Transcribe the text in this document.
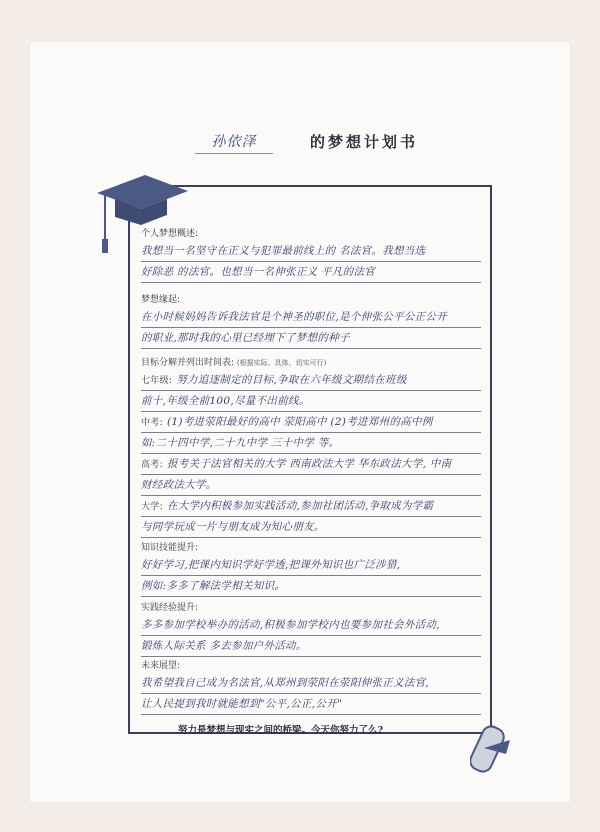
孙依泽	的梦想计划书
个人梦想概述:
我想当一名坚守在正义与犯罪最前线上的 名法官。我想当选
好除恶 的法官。也想当一名伸张正义 平凡的法官
梦想缘起:
在小时候妈妈告诉我法官是个神圣的职位,是个伸张公平公正公开
的职业,那时我的心里已经埋下了梦想的种子
目标分解并列出时间表: (根据实际、具体、切实可行)
七年级: 努力追逐制定的目标,争取在六年级文期结在班级
前十,年级全前100,尽量不出前线。
中考: (1)考进荥阳最好的高中 荥阳高中 (2)考进郑州的高中例
如:二十四中学,二十九中学 三十中学 等。
高考: 报考关于法官相关的大学 西南政法大学 华东政法大学, 中南
财经政法大学。
大学: 在大学内积极参加实践活动,参加社团活动,争取成为学霸
与同学玩成一片与朋友成为知心朋友。
知识技能提升:
好好学习,把课内知识学好学透,把课外知识也广泛涉猎,
例如:多多了解法学相关知识。
实践经验提升:
多多参加学校举办的活动,积极参加学校内也要参加社会外活动,
锻炼人际关系 多去参加户外活动。
未来展望:
我希望我自己成为名法官,从郑州到荥阳在荥阳伸张正义法官,
让人民提到我时就能想到"公平,公正,公开"
努力是梦想与现实之间的桥梁。今天你努力了么?
